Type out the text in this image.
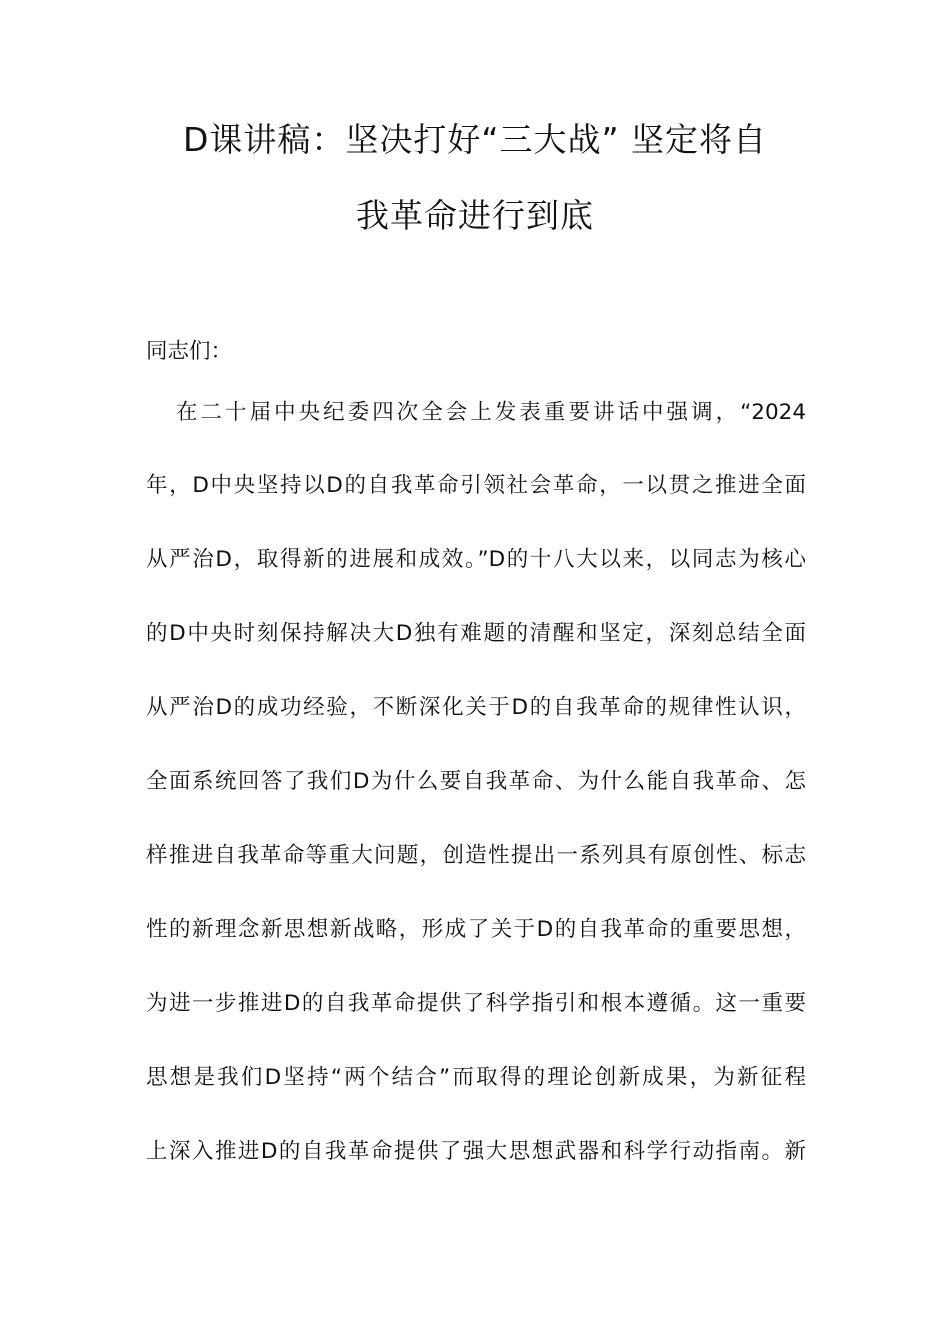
D课讲稿：坚决打好“三大战” 坚定将自
我革命进行到底
同志们：
在二十届中央纪委四次全会上发表重要讲话中强调，“2024
年，D中央坚持以D的自我革命引领社会革命，一以贯之推进全面
从严治D，取得新的进展和成效。”D的十八大以来，以同志为核心
的D中央时刻保持解决大D独有难题的清醒和坚定，深刻总结全面
从严治D的成功经验，不断深化关于D的自我革命的规律性认识，
全面系统回答了我们D为什么要自我革命、为什么能自我革命、怎
样推进自我革命等重大问题，创造性提出一系列具有原创性、标志
性的新理念新思想新战略，形成了关于D的自我革命的重要思想，
为进一步推进D的自我革命提供了科学指引和根本遵循。这一重要
思想是我们D坚持“两个结合”而取得的理论创新成果，为新征程
上深入推进D的自我革命提供了强大思想武器和科学行动指南。新
